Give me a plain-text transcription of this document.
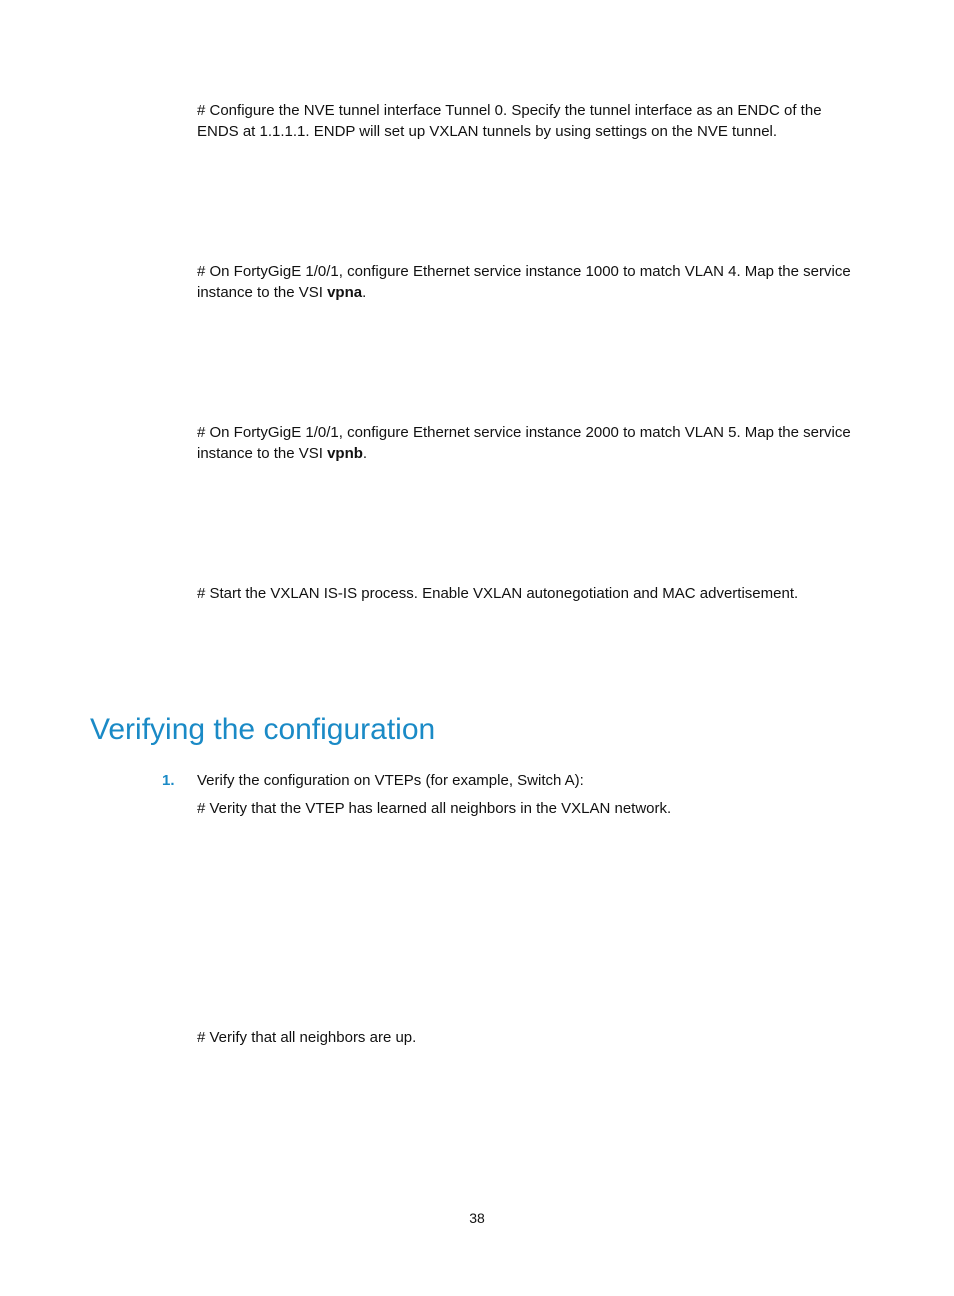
# Configure the NVE tunnel interface Tunnel 0. Specify the tunnel interface as an ENDC of the ENDS at 1.1.1.1. ENDP will set up VXLAN tunnels by using settings on the NVE tunnel.

# On FortyGigE 1/0/1, configure Ethernet service instance 1000 to match VLAN 4. Map the service instance to the VSI vpna.

# On FortyGigE 1/0/1, configure Ethernet service instance 2000 to match VLAN 5. Map the service instance to the VSI vpnb.

# Start the VXLAN IS-IS process. Enable VXLAN autonegotiation and MAC advertisement.

Verifying the configuration
1. Verify the configuration on VTEPs (for example, Switch A):

# Verity that the VTEP has learned all neighbors in the VXLAN network.

# Verify that all neighbors are up.

38
